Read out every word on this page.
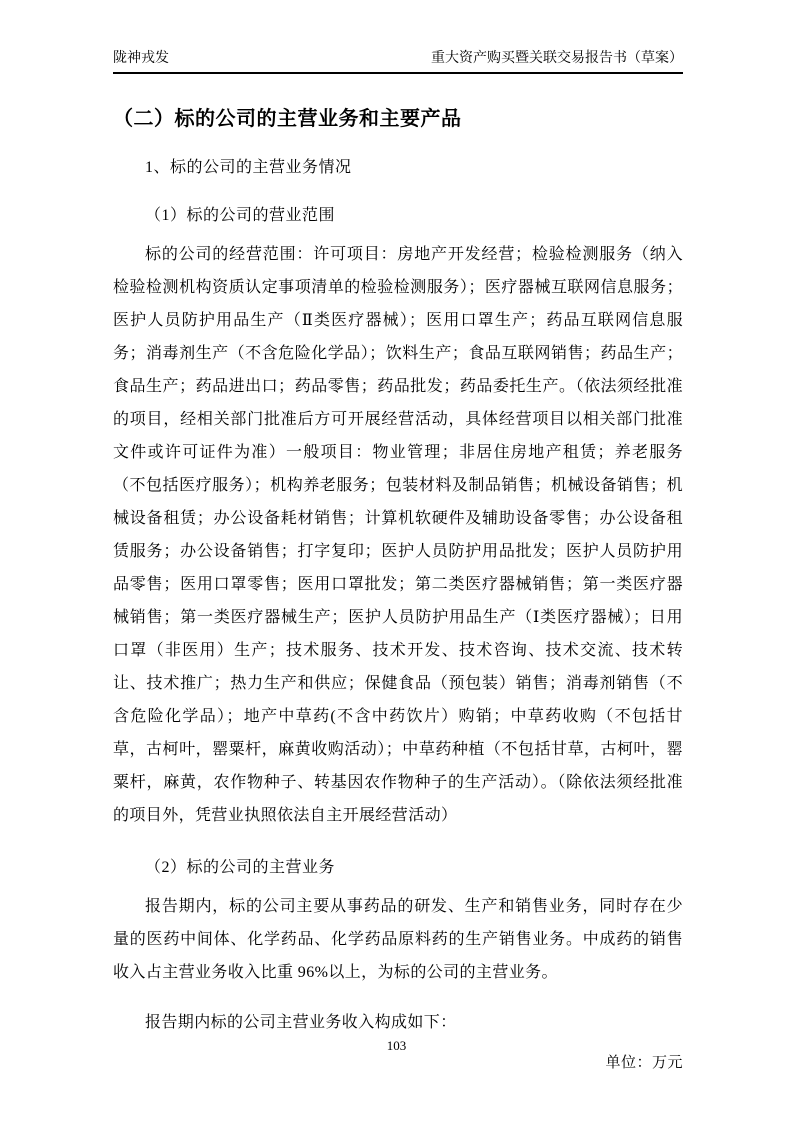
陇神戎发	重大资产购买暨关联交易报告书（草案）
（二）标的公司的主营业务和主要产品

1、标的公司的主营业务情况

（1）标的公司的营业范围

标的公司的经营范围：许可项目：房地产开发经营；检验检测服务（纳入检验检测机构资质认定事项清单的检验检测服务）；医疗器械互联网信息服务；医护人员防护用品生产（Ⅱ类医疗器械）；医用口罩生产；药品互联网信息服务；消毒剂生产（不含危险化学品）；饮料生产；食品互联网销售；药品生产；食品生产；药品进出口；药品零售；药品批发；药品委托生产。（依法须经批准的项目，经相关部门批准后方可开展经营活动，具体经营项目以相关部门批准文件或许可证件为准）一般项目：物业管理；非居住房地产租赁；养老服务（不包括医疗服务）；机构养老服务；包装材料及制品销售；机械设备销售；机械设备租赁；办公设备耗材销售；计算机软硬件及辅助设备零售；办公设备租赁服务；办公设备销售；打字复印；医护人员防护用品批发；医护人员防护用品零售；医用口罩零售；医用口罩批发；第二类医疗器械销售；第一类医疗器械销售；第一类医疗器械生产；医护人员防护用品生产（Ⅰ类医疗器械）；日用口罩（非医用）生产；技术服务、技术开发、技术咨询、技术交流、技术转让、技术推广；热力生产和供应；保健食品（预包装）销售；消毒剂销售（不含危险化学品）；地产中草药(不含中药饮片）购销；中草药收购（不包括甘草，古柯叶，罂粟杆，麻黄收购活动）；中草药种植（不包括甘草，古柯叶，罂粟杆，麻黄，农作物种子、转基因农作物种子的生产活动）。（除依法须经批准的项目外，凭营业执照依法自主开展经营活动）

（2）标的公司的主营业务

报告期内，标的公司主要从事药品的研发、生产和销售业务，同时存在少量的医药中间体、化学药品、化学药品原料药的生产销售业务。中成药的销售收入占主营业务收入比重 96%以上，为标的公司的主营业务。

报告期内标的公司主营业务收入构成如下：

单位：万元

103
